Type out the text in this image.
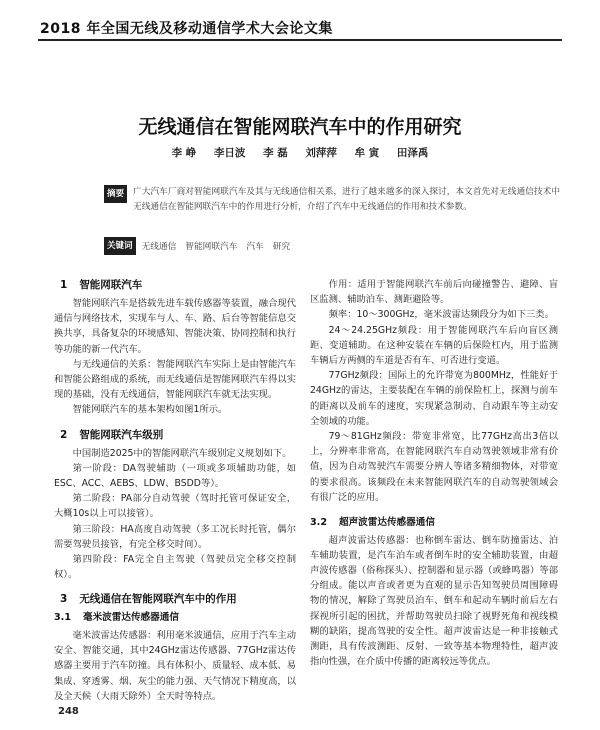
2018 年全国无线及移动通信学术大会论文集
无线通信在智能网联汽车中的作用研究
李 峥 李日波 李 磊 刘萍萍 牟 寅 田泽禹
摘要	广大汽车厂商对智能网联汽车及其与无线通信相关系，进行了越来越多的深入探讨，本文首先对无线通信技术中无线通信在智能网联汽车中的作用进行分析，介绍了汽车中无线通信的作用和技术参数。

关键词	无线通信 智能网联汽车 汽车 研究
1 智能网联汽车

智能网联汽车是搭载先进车载传感器等装置，融合现代通信与网络技术，实现车与人、车、路、后台等智能信息交换共享，具备复杂的环境感知、智能决策、协同控制和执行等功能的新一代汽车。

与无线通信的关系：智能网联汽车实际上是由智能汽车和智能公路组成的系统，而无线通信是智能网联汽车得以实现的基础，没有无线通信，智能网联汽车就无法实现。

智能网联汽车的基本架构如图1所示。

2 智能网联汽车级别

中国制造2025中的智能网联汽车级别定义规划如下。

第一阶段：DA驾驶辅助（一项或多项辅助功能，如ESC、ACC、AEBS、LDW、BSDD等）。

第二阶段：PA部分自动驾驶（驾时托管可保证安全，大概10s以上可以接管）。

第三阶段：HA高度自动驾驶（多工况长时托管，偶尔需要驾驶员接管，有完全移交时间）。

第四阶段：FA完全自主驾驶（驾驶员完全移交控制权）。

3 无线通信在智能网联汽车中的作用
3.1 毫米波雷达传感器通信

毫米波雷达传感器：利用毫米波通信，应用于汽车主动安全、智能交通，其中24GHz雷达传感器、77GHz雷达传感器主要用于汽车防撞。具有体积小、质量轻、成本低、易集成、穿透雾、烟、灰尘的能力强、天气情况下精度高，以及全天候（大雨天除外）全天时等特点。

作用：适用于智能网联汽车前后向碰撞警告、避障、盲区监测、辅助泊车、测距避险等。

频率：10～300GHz，毫米波雷达频段分为如下三类。

24～24.25GHz频段：用于智能网联汽车后向盲区测距、变道辅助。在这种安装在车辆的后保险杠内，用于监测车辆后方两侧的车道是否有车、可否进行变道。

77GHz频段：国际上的允许带宽为800MHz，性能好于24GHz的雷达，主要装配在车辆的前保险杠上，探测与前车的距离以及前车的速度，实现紧急制动、自动跟车等主动安全领域的功能。

79～81GHz频段：带宽非常宽，比77GHz高出3倍以上，分辨率非常高，在智能网联汽车自动驾驶领域非常有价值，因为自动驾驶汽车需要分辨人等诸多精细物体，对带宽的要求很高。该频段在未来智能网联汽车的自动驾驶领域会有很广泛的应用。

3.2 超声波雷达传感器通信

超声波雷达传感器：也称倒车雷达、倒车防撞雷达、泊车辅助装置，是汽车泊车或者倒车时的安全辅助装置，由超声波传感器（俗称探头）、控制器和显示器（或蜂鸣器）等部分组成。能以声音或者更为直观的显示告知驾驶员周围障碍物的情况，解除了驾驶员泊车、倒车和起动车辆时前后左右探视所引起的困扰，并帮助驾驶员扫除了视野死角和视线模糊的缺陷，提高驾驶的安全性。超声波雷达是一种非接触式测距，具有传波测距、反射、一致等基本物理特性，超声波指向性强，在介质中传播的距离较远等优点。

248
